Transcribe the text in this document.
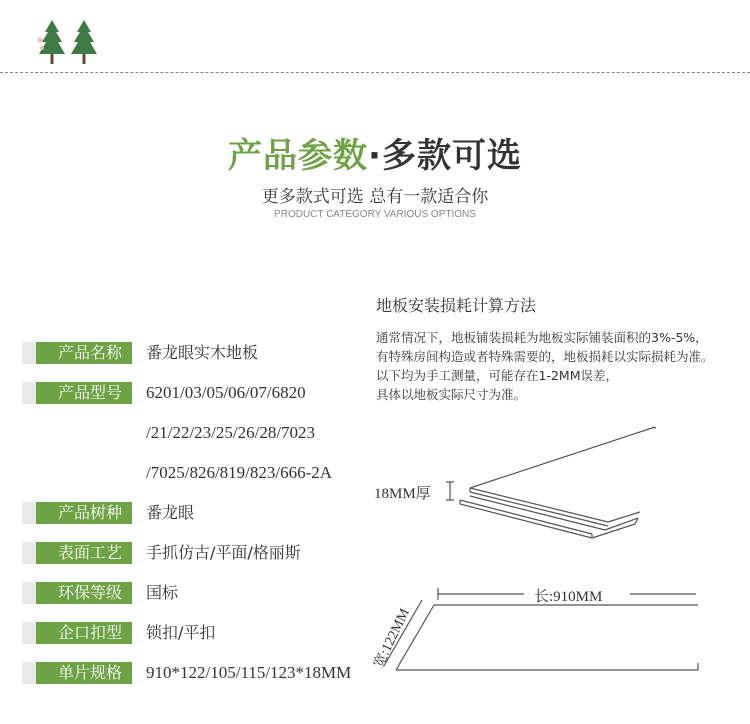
产品参数·多款可选
更多款式可选 总有一款适合你
PRODUCT CATEGORY VARIOUS OPTIONS
产品名称	番龙眼实木地板
产品型号	6201/03/05/06/07/6820
/21/22/23/25/26/28/7023
/7025/826/819/823/666-2A
产品树种	番龙眼
表面工艺	手抓仿古/平面/格丽斯
环保等级	国标
企口扣型	锁扣/平扣
单片规格	910*122/105/115/123*18MM
地板安装损耗计算方法
通常情况下，地板铺装损耗为地板实际铺装面积的3%-5%，
有特殊房间构造或者特殊需要的，地板损耗以实际损耗为准。
以下均为手工测量，可能存在1-2MM误差，
具体以地板实际尺寸为准。
18MM厚
长:910MM
宽:122MM
